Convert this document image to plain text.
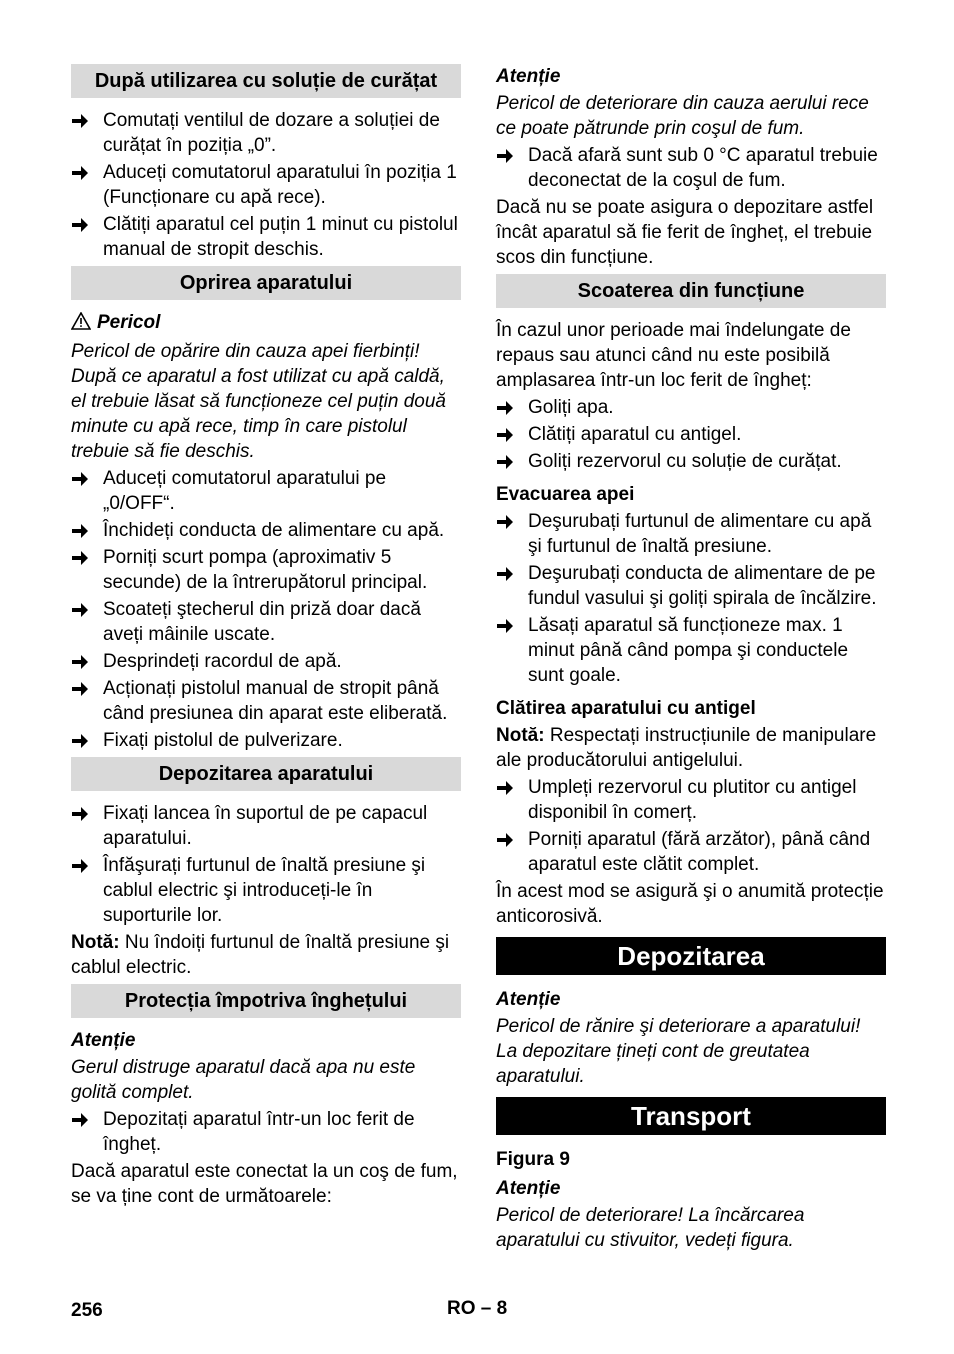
După utilizarea cu soluție de curățat
Comutați ventilul de dozare a soluției de curățat în poziția „0”.
Aduceți comutatorul aparatului în poziția 1 (Funcționare cu apă rece).
Clătiți aparatul cel puțin 1 minut cu pistolul manual de stropit deschis.
Oprirea aparatului
Pericol

Pericol de opărire din cauza apei fierbinți! După ce aparatul a fost utilizat cu apă caldă, el trebuie lăsat să funcționeze cel puțin două minute cu apă rece, timp în care pistolul trebuie să fie deschis.

Aduceți comutatorul aparatului pe „0/OFF“.
Închideți conducta de alimentare cu apă.
Porniți scurt pompa (aproximativ 5 secunde) de la întrerupătorul principal.
Scoateți ştecherul din priză doar dacă aveți mâinile uscate.
Desprindeți racordul de apă.
Acționați pistolul manual de stropit până când presiunea din aparat este eliberată.
Fixați pistolul de pulverizare.
Depozitarea aparatului
Fixați lancea în suportul de pe capacul aparatului.
Înfăşurați furtunul de înaltă presiune şi cablul electric şi introduceți-le în suporturile lor.

Notă: Nu îndoiți furtunul de înaltă presiune şi cablul electric.

Protecția împotriva înghețului
Atenție

Gerul distruge aparatul dacă apa nu este golită complet.

Depozitați aparatul într-un loc ferit de îngheț.

Dacă aparatul este conectat la un coş de fum, se va ține cont de următoarele:

Atenție

Pericol de deteriorare din cauza aerului rece ce poate pătrunde prin coşul de fum.

Dacă afară sunt sub 0 °C aparatul trebuie deconectat de la coşul de fum.

Dacă nu se poate asigura o depozitare astfel încât aparatul să fie ferit de îngheț, el trebuie scos din funcțiune.

Scoaterea din funcțiune

În cazul unor perioade mai îndelungate de repaus sau atunci când nu este posibilă amplasarea într-un loc ferit de îngheț:

Goliți apa.
Clătiți aparatul cu antigel.
Goliți rezervorul cu soluție de curățat.
Evacuarea apei
Deşurubați furtunul de alimentare cu apă şi furtunul de înaltă presiune.
Deşurubați conducta de alimentare de pe fundul vasului şi goliți spirala de încălzire.
Lăsați aparatul să funcționeze max. 1 minut până când pompa şi conductele sunt goale.
Clătirea aparatului cu antigel

Notă: Respectați instrucțiunile de manipulare ale producătorului antigelului.

Umpleți rezervorul cu plutitor cu antigel disponibil în comerț.
Porniți aparatul (fără arzător), până când aparatul este clătit complet.

În acest mod se asigură şi o anumită protecție anticorosivă.

Depozitarea
Atenție

Pericol de rănire şi deteriorare a aparatului! La depozitare țineți cont de greutatea aparatului.

Transport
Figura 9
Atenție

Pericol de deteriorare! La încărcarea aparatului cu stivuitor, vedeți figura.

256	RO – 8
